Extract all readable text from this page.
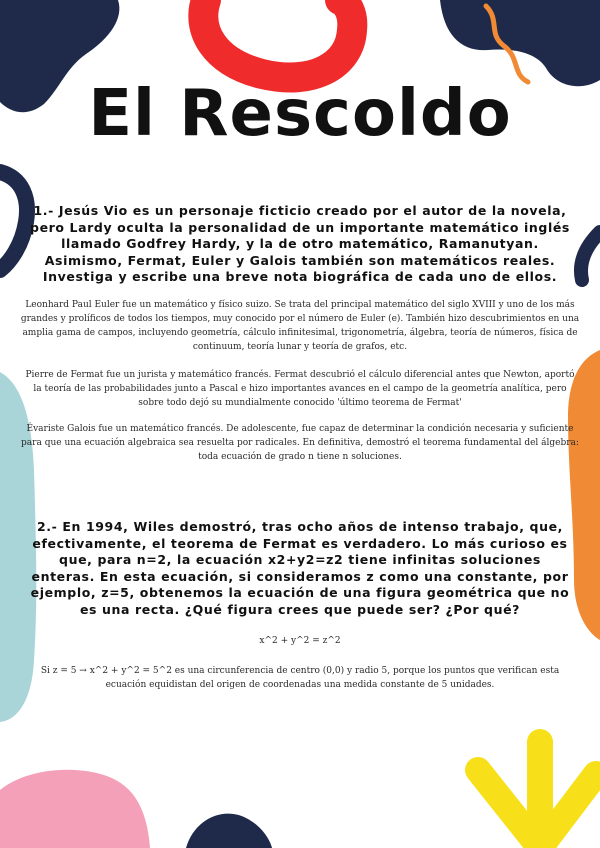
El Rescoldo
1.- Jesús Vio es un personaje ficticio creado por el autor de la novela, pero Lardy oculta la personalidad de un importante matemático inglés llamado Godfrey Hardy, y la de otro matemático, Ramanutyan. Asimismo, Fermat, Euler y Galois también son matemáticos reales. Investiga y escribe una breve nota biográfica de cada uno de ellos.
Leonhard Paul Euler fue un matemático y físico suizo. Se trata del principal matemático del siglo XVIII y uno de los más grandes y prolíficos de todos los tiempos, muy conocido por el número de Euler (e). También hizo descubrimientos en una amplia gama de campos, incluyendo geometría, cálculo infinitesimal, trigonometría, álgebra, teoría de números, física de continuum, teoría lunar y teoría de grafos, etc.
Pierre de Fermat fue un jurista y matemático francés. Fermat descubrió el cálculo diferencial antes que Newton, aportó la teoría de las probabilidades junto a Pascal e hizo importantes avances en el campo de la geometría analítica, pero sobre todo dejó su mundialmente conocido 'último teorema de Fermat'
Évariste Galois fue un matemático francés. De adolescente, fue capaz de determinar la condición necesaria y suficiente para que una ecuación algebraica sea resuelta por radicales. En definitiva, demostró el teorema fundamental del álgebra: toda ecuación de grado n tiene n soluciones.
2.- En 1994, Wiles demostró, tras ocho años de intenso trabajo, que, efectivamente, el teorema de Fermat es verdadero. Lo más curioso es que, para n=2, la ecuación x2+y2=z2 tiene infinitas soluciones enteras. En esta ecuación, si consideramos z como una constante, por ejemplo, z=5, obtenemos la ecuación de una figura geométrica que no es una recta. ¿Qué figura crees que puede ser? ¿Por qué?
x^2 + y^2 = z^2
Si z = 5 → x^2 + y^2 = 5^2 es una circunferencia de centro (0,0) y radio 5, porque los puntos que verifican esta ecuación equidistan del origen de coordenadas una medida constante de 5 unidades.
